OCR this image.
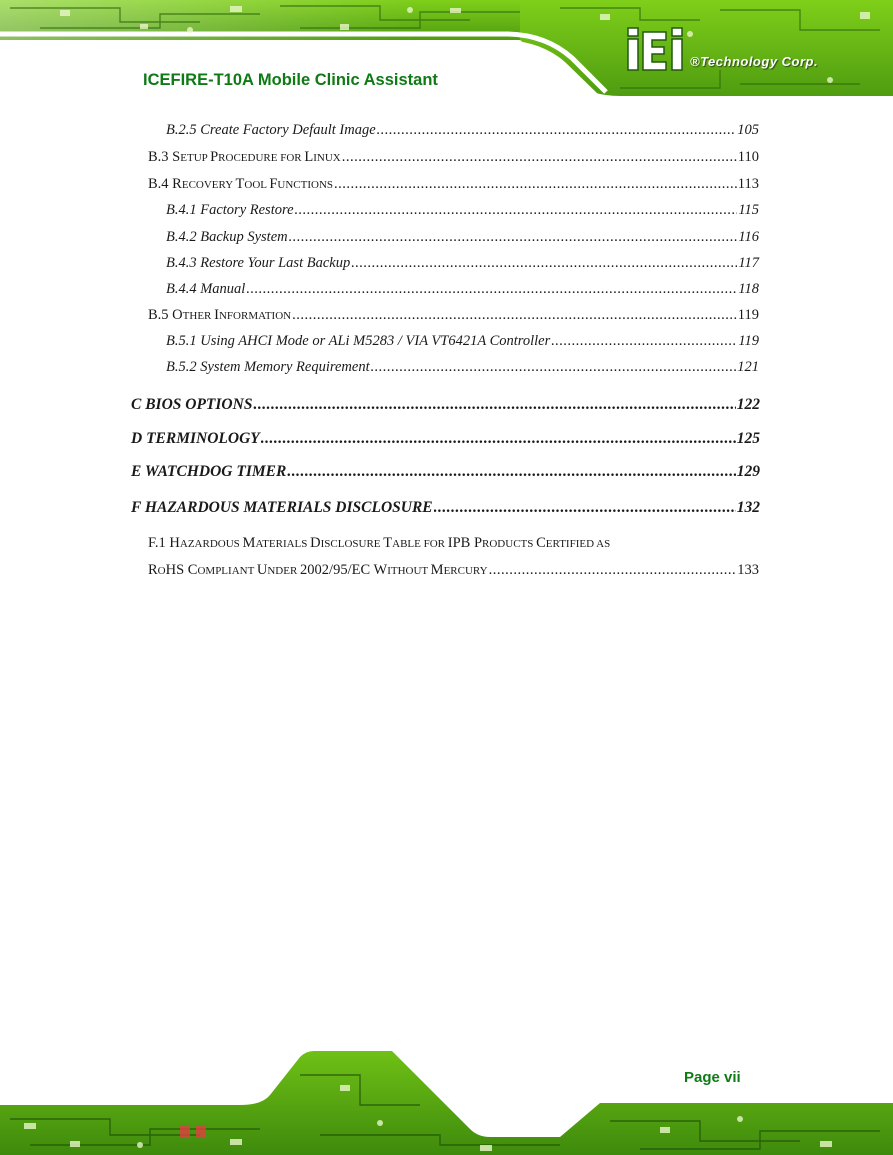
®Technology Corp.
ICEFIRE-T10A Mobile Clinic Assistant
B.2.5 Create Factory Default Image .....	105
B.3 SETUP PROCEDURE FOR LINUX .....	110
B.4 RECOVERY TOOL FUNCTIONS .....	113
B.4.1 Factory Restore .....	115
B.4.2 Backup System .....	116
B.4.3 Restore Your Last Backup .....	117
B.4.4 Manual .....	118
B.5 OTHER INFORMATION .....	119
B.5.1 Using AHCI Mode or ALi M5283 / VIA VT6421A Controller .....	119
B.5.2 System Memory Requirement .....	121
C BIOS OPTIONS .....	122
D TERMINOLOGY .....	125
E WATCHDOG TIMER .....	129
F HAZARDOUS MATERIALS DISCLOSURE .....	132
F.1 HAZARDOUS MATERIALS DISCLOSURE TABLE FOR IPB PRODUCTS CERTIFIED AS
ROHS COMPLIANT UNDER 2002/95/EC WITHOUT MERCURY .....	133
Page vii
